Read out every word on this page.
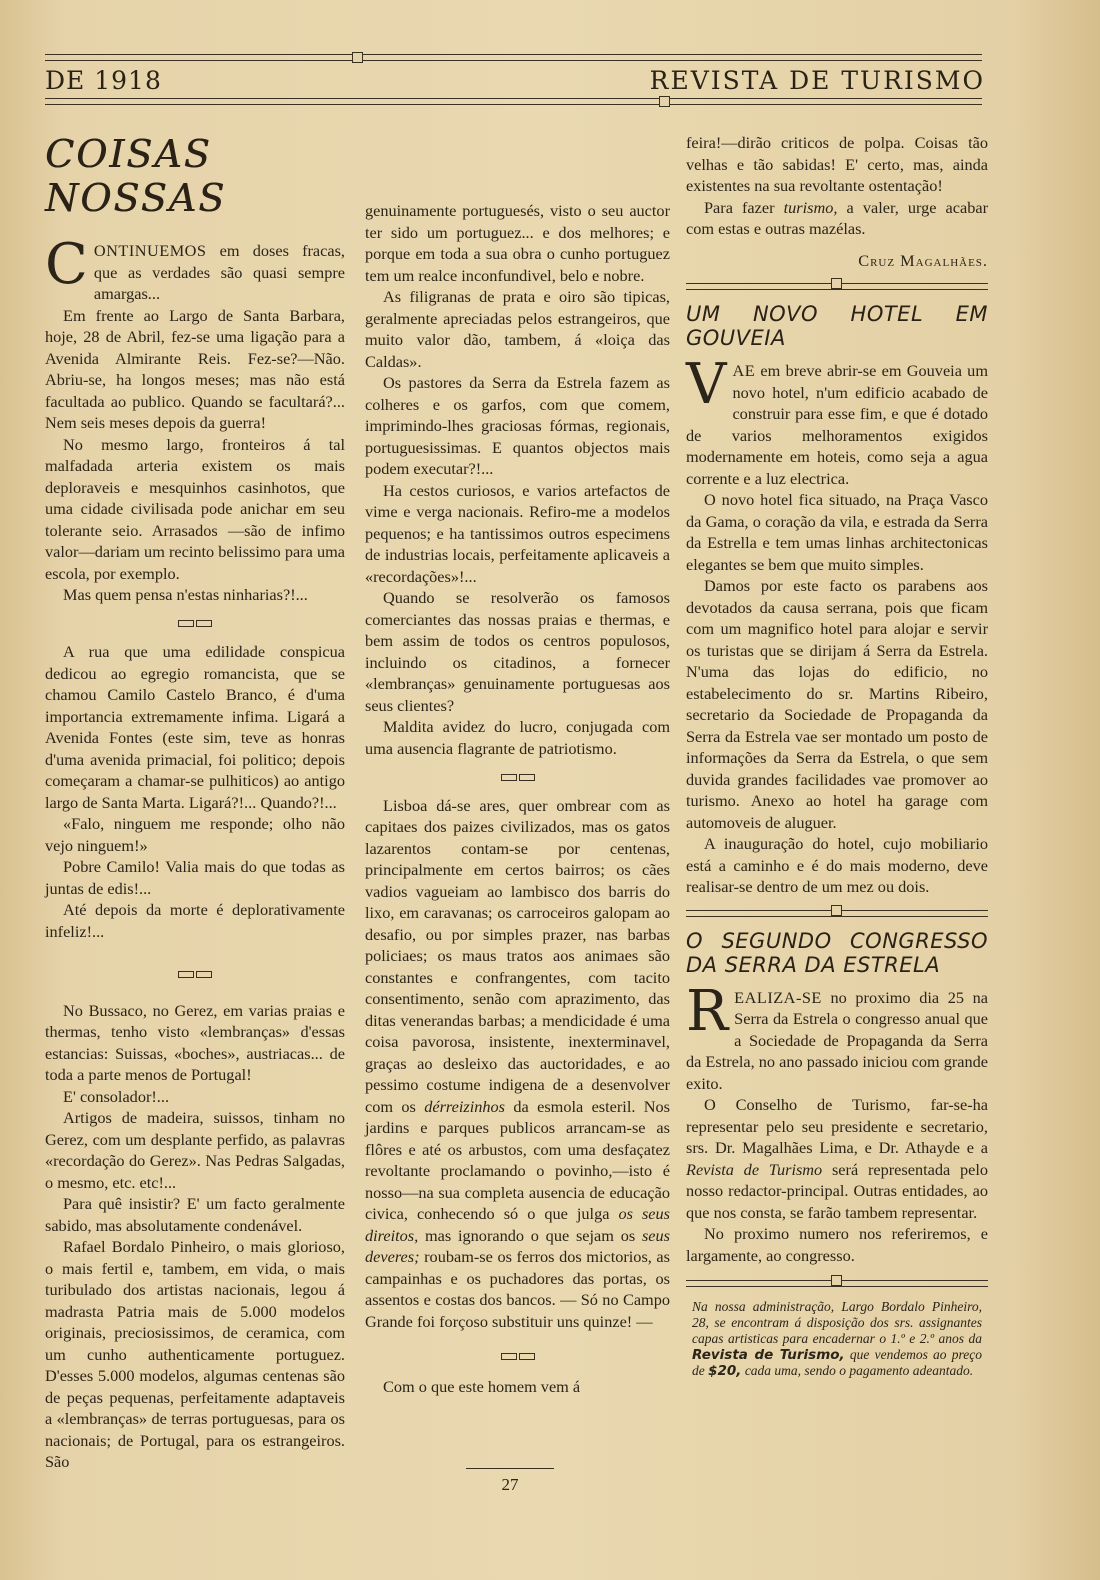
DE 1918	REVISTA DE TURISMO
COISAS NOSSAS

CONTINUEMOS em doses fracas, que as verdades são quasi sempre amargas...

Em frente ao Largo de Santa Barbara, hoje, 28 de Abril, fez-se uma ligação para a Avenida Almirante Reis. Fez-se?—Não. Abriu-se, ha longos meses; mas não está facultada ao publico. Quando se facultará?... Nem seis meses depois da guerra!

No mesmo largo, fronteiros á tal malfadada arteria existem os mais deploraveis e mesquinhos casinhotos, que uma cidade civilisada pode anichar em seu tolerante seio. Arrasados —são de infimo valor—dariam um recinto belissimo para uma escola, por exemplo.

Mas quem pensa n'estas ninharias?!...

A rua que uma edilidade conspicua dedicou ao egregio romancista, que se chamou Camilo Castelo Branco, é d'uma importancia extremamente infima. Ligará a Avenida Fontes (este sim, teve as honras d'uma avenida primacial, foi politico; depois começaram a chamar-se pulhiticos) ao antigo largo de Santa Marta. Ligará?!... Quando?!...

«Falo, ninguem me responde; olho não vejo ninguem!»

Pobre Camilo! Valia mais do que todas as juntas de edis!...

Até depois da morte é deplorativamente infeliz!...

No Bussaco, no Gerez, em varias praias e thermas, tenho visto «lembranças» d'essas estancias: Suissas, «boches», austriacas... de toda a parte menos de Portugal!

E' consolador!...

Artigos de madeira, suissos, tinham no Gerez, com um desplante perfido, as palavras «recordação do Gerez». Nas Pedras Salgadas, o mesmo, etc. etc!...

Para quê insistir? E' um facto geralmente sabido, mas absolutamente condenável.

Rafael Bordalo Pinheiro, o mais glorioso, o mais fertil e, tambem, em vida, o mais turibulado dos artistas nacionais, legou á madrasta Patria mais de 5.000 modelos originais, preciosissimos, de ceramica, com um cunho authenticamente portuguez. D'esses 5.000 modelos, algumas centenas são de peças pequenas, perfeitamente adaptaveis a «lembranças» de terras portuguesas, para os nacionais; de Portugal, para os estrangeiros. São

genuinamente portuguesés, visto o seu auctor ter sido um portuguez... e dos melhores; e porque em toda a sua obra o cunho portuguez tem um realce inconfundivel, belo e nobre.

As filigranas de prata e oiro são tipicas, geralmente apreciadas pelos estrangeiros, que muito valor dão, tambem, á «loiça das Caldas».

Os pastores da Serra da Estrela fazem as colheres e os garfos, com que comem, imprimindo-lhes graciosas fórmas, regionais, portuguesissimas. E quantos objectos mais podem executar?!...

Ha cestos curiosos, e varios artefactos de vime e verga nacionais. Refiro-me a modelos pequenos; e ha tantissimos outros especimens de industrias locais, perfeitamente aplicaveis a «recordações»!...

Quando se resolverão os famosos comerciantes das nossas praias e thermas, e bem assim de todos os centros populosos, incluindo os citadinos, a fornecer «lembranças» genuinamente portuguesas aos seus clientes?

Maldita avidez do lucro, conjugada com uma ausencia flagrante de patriotismo.

Lisboa dá-se ares, quer ombrear com as capitaes dos paizes civilizados, mas os gatos lazarentos contam-se por centenas, principalmente em certos bairros; os cães vadios vagueiam ao lambisco dos barris do lixo, em caravanas; os carroceiros galopam ao desafio, ou por simples prazer, nas barbas policiaes; os maus tratos aos animaes são constantes e confrangentes, com tacito consentimento, senão com aprazimento, das ditas venerandas barbas; a mendicidade é uma coisa pavorosa, insistente, inexterminavel, graças ao desleixo das auctoridades, e ao pessimo costume indigena de a desenvolver com os dérreizinhos da esmola esteril. Nos jardins e parques publicos arrancam-se as flôres e até os arbustos, com uma desfaçatez revoltante proclamando o povinho,—isto é nosso—na sua completa ausencia de educação civica, conhecendo só o que julga os seus direitos, mas ignorando o que sejam os seus deveres; roubam-se os ferros dos mictorios, as campainhas e os puchadores das portas, os assentos e costas dos bancos. — Só no Campo Grande foi forçoso substituir uns quinze! —

Com o que este homem vem á

feira!—dirão criticos de polpa. Coisas tão velhas e tão sabidas! E' certo, mas, ainda existentes na sua revoltante ostentação!

Para fazer turismo, a valer, urge acabar com estas e outras mazélas.

Cruz Magalhães.
UM NOVO HOTEL EM GOUVEIA

VAE em breve abrir-se em Gouveia um novo hotel, n'um edificio acabado de construir para esse fim, e que é dotado de varios melhoramentos exigidos modernamente em hoteis, como seja a agua corrente e a luz electrica.

O novo hotel fica situado, na Praça Vasco da Gama, o coração da vila, e estrada da Serra da Estrella e tem umas linhas architectonicas elegantes se bem que muito simples.

Damos por este facto os parabens aos devotados da causa serrana, pois que ficam com um magnifico hotel para alojar e servir os turistas que se dirijam á Serra da Estrela. N'uma das lojas do edificio, no estabelecimento do sr. Martins Ribeiro, secretario da Sociedade de Propaganda da Serra da Estrela vae ser montado um posto de informações da Serra da Estrela, o que sem duvida grandes facilidades vae promover ao turismo. Anexo ao hotel ha garage com automoveis de aluguer.

A inauguração do hotel, cujo mobiliario está a caminho e é do mais moderno, deve realisar-se dentro de um mez ou dois.

O SEGUNDO CONGRESSO DA SERRA DA ESTRELA

REALIZA-SE no proximo dia 25 na Serra da Estrela o congresso anual que a Sociedade de Propaganda da Serra da Estrela, no ano passado iniciou com grande exito.

O Conselho de Turismo, far-se-ha representar pelo seu presidente e secretario, srs. Dr. Magalhães Lima, e Dr. Athayde e a Revista de Turismo será representada pelo nosso redactor-principal. Outras entidades, ao que nos consta, se farão tambem representar.

No proximo numero nos referiremos, e largamente, ao congresso.

Na nossa administração, Largo Bordalo Pinheiro, 28, se encontram á disposição dos srs. assignantes capas artisticas para encadernar o 1.º e 2.º anos da Revista de Turismo, que vendemos ao preço de $20, cada uma, sendo o pagamento adeantado.
27
